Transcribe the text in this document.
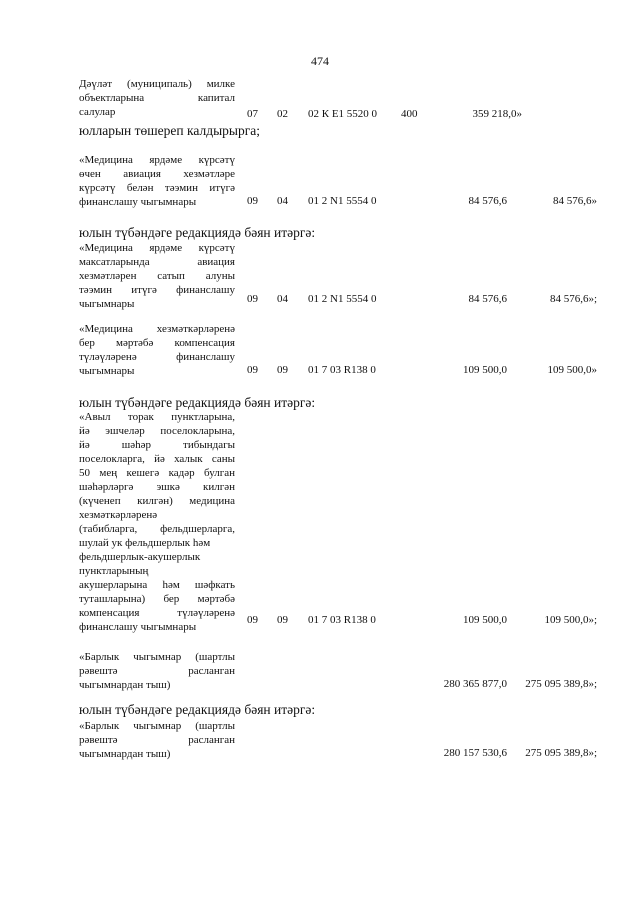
474
Дәүләт (муниципаль) милке
объектларына капитал
салулар	07 02 02 К Е1 5520 0 400	359 218,0»
юлларын төшереп калдырырга;
«Медицина ярдәме күрсәтү
өчен авиация хезмәтләре
күрсәтү белән тәэмин итүгә
финанслашу чыгымнары	09 04 01 2 N1 5554 0	84 576,6	84 576,6»
юлын түбәндәге редакциядә бәян итәргә:
«Медицина ярдәме күрсәтү
максатларында авиация
хезмәтләрен сатып алуны
тәэмин итүгә финанслашу
чыгымнары	09 04 01 2 N1 5554 0	84 576,6	84 576,6»;
«Медицина хезмәткәрләренә
бер мәртәбә компенсация
түләүләренә финанслашу
чыгымнары	09 09 01 7 03 R138 0	109 500,0	109 500,0»
юлын түбәндәге редакциядә бәян итәргә:
«Авыл торак пунктларына,
йә эшчеләр поселокларына,
йә шәһәр тибындагы
поселокларга, йә халык саны
50 мең кешегә кадәр булган
шәһәрләргә эшкә килгән
(күченеп килгән) медицина
хезмәткәрләренә
(табибларга, фельдшерларга,
шулай ук фельдшерлык һәм
фельдшерлык-акушерлык
пунктларының
акушерларына һәм шәфкать
туташларына) бер мәртәбә
компенсация түләүләренә
финанслашу чыгымнары
09 09 01 7 03 R138 0	109 500,0	109 500,0»;
«Барлык чыгымнар (шартлы
рәвештә расланган
чыгымнардан тыш)	280 365 877,0 275 095 389,8»;
юлын түбәндәге редакциядә бәян итәргә:
«Барлык чыгымнар (шартлы
рәвештә расланган
чыгымнардан тыш)	280 157 530,6 275 095 389,8»;
